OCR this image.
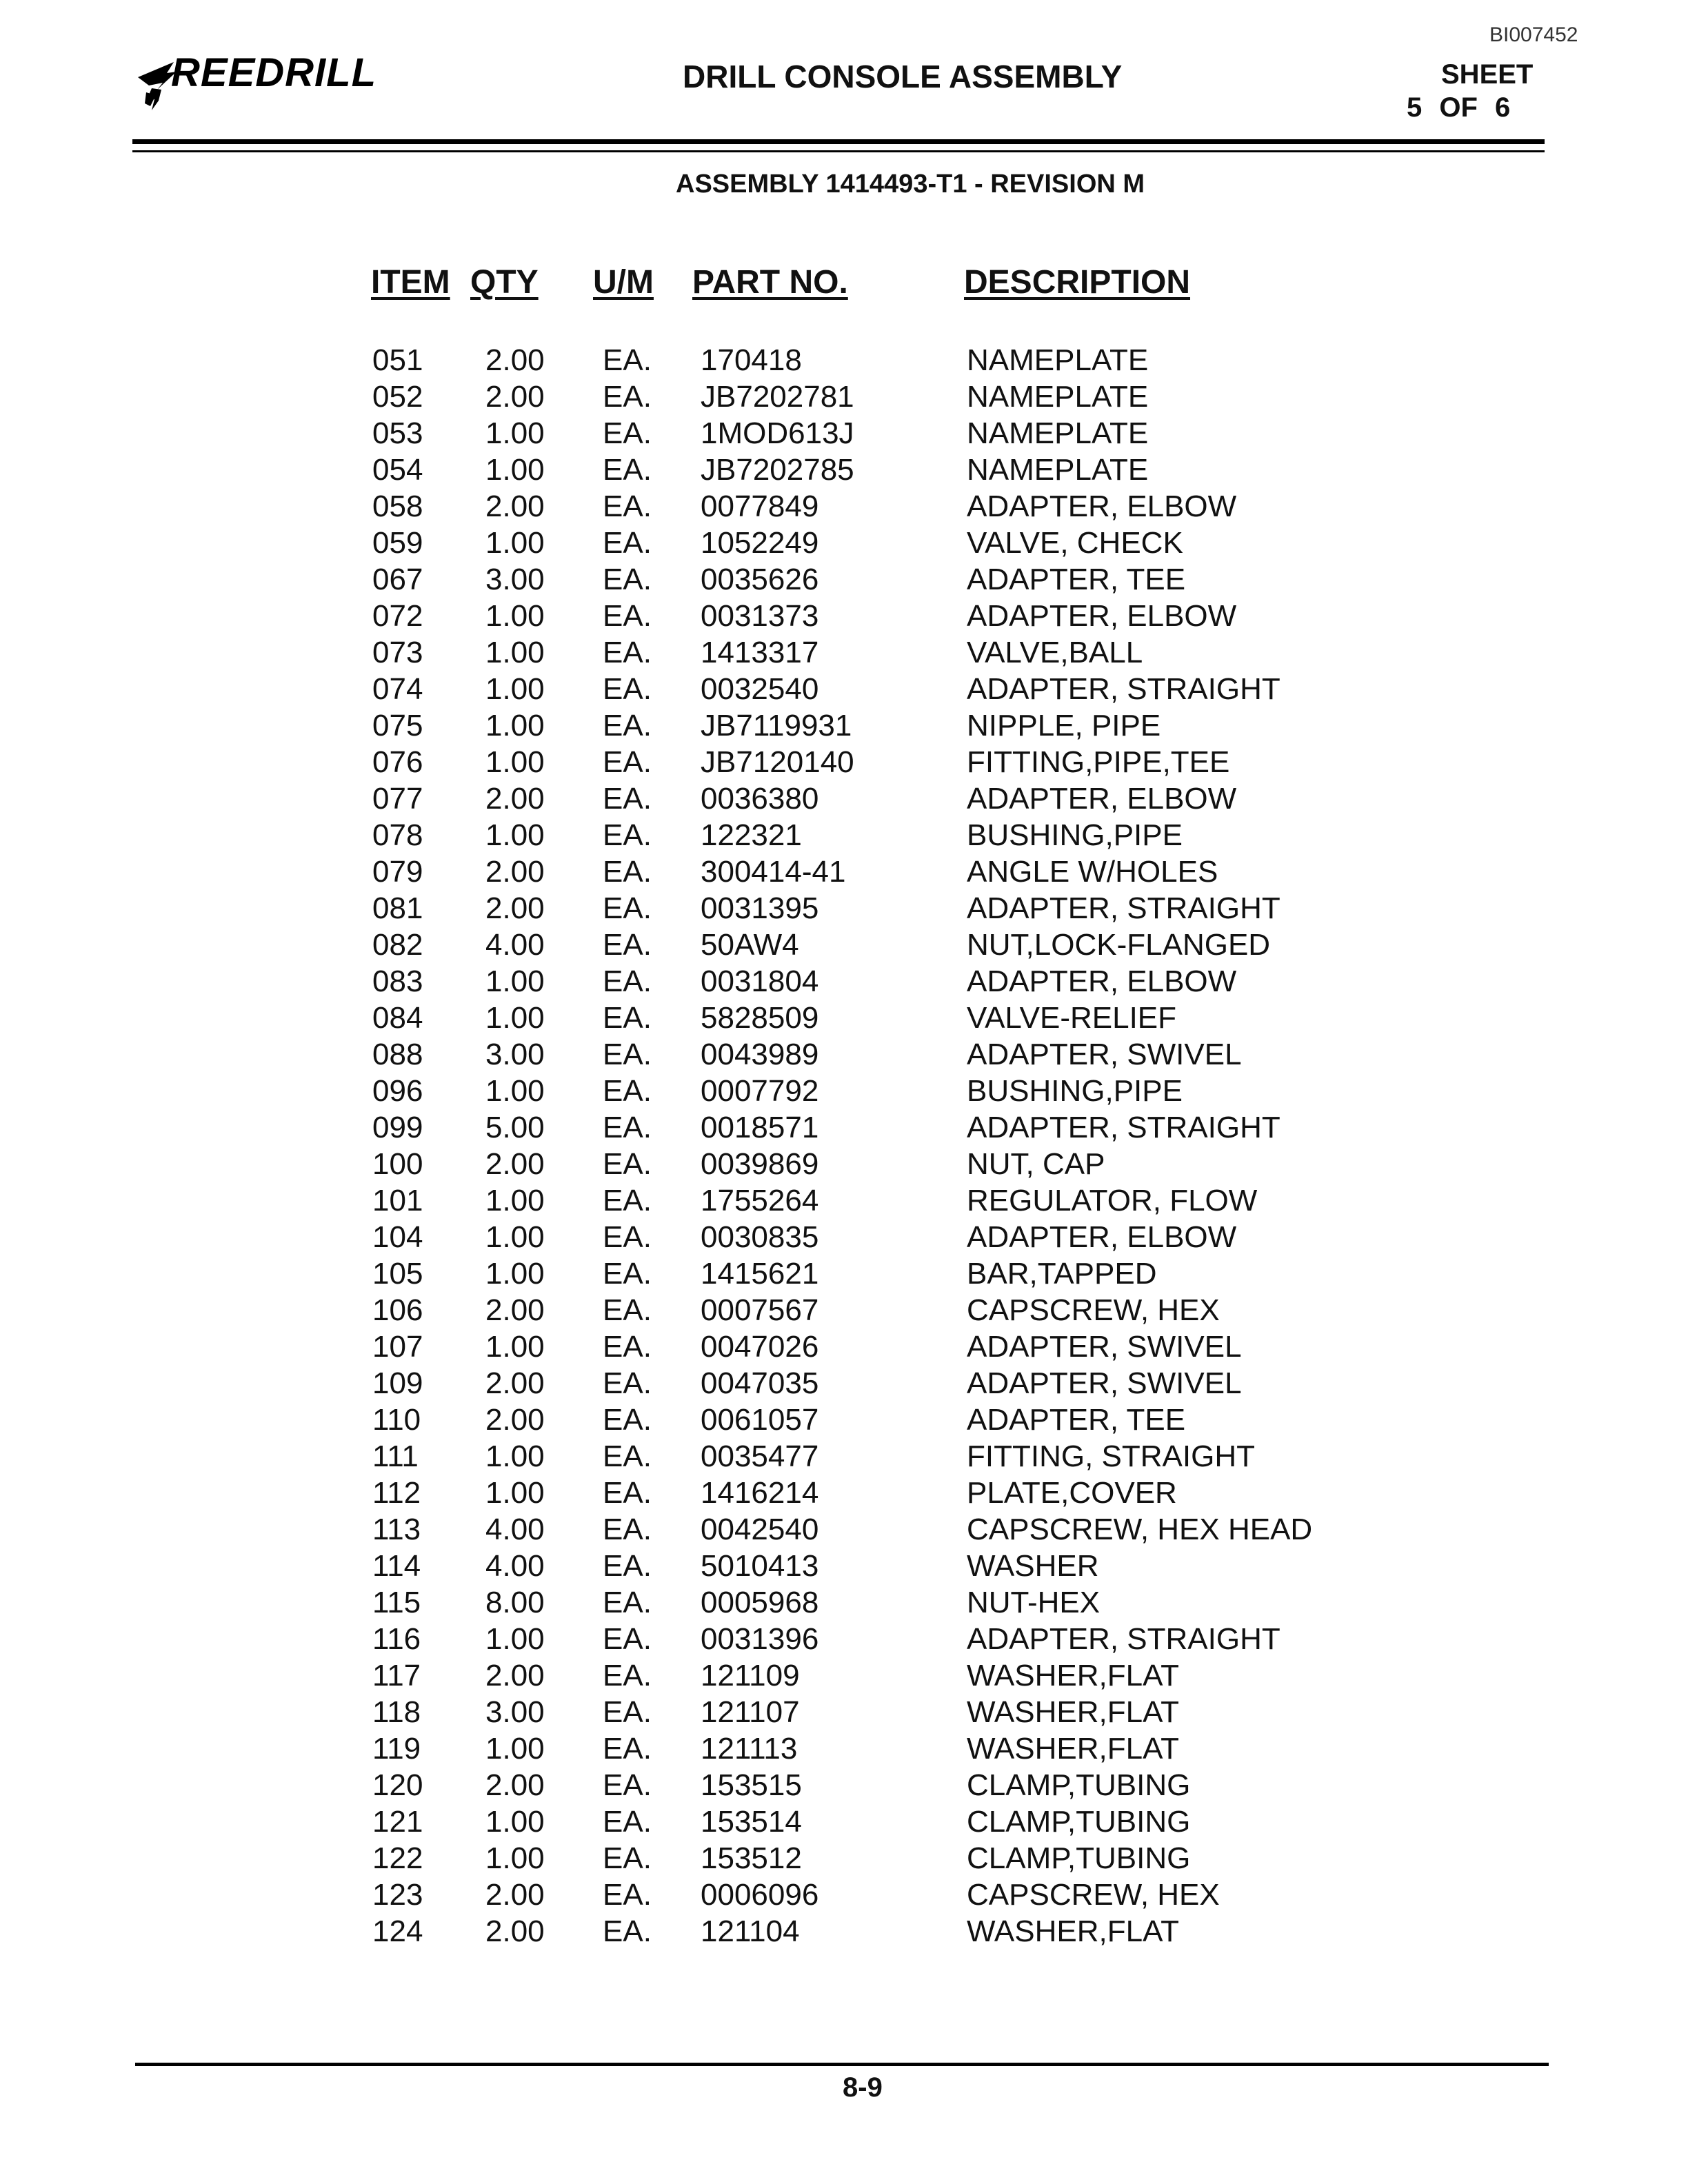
BI007452
REEDRILL	DRILL CONSOLE ASSEMBLY	SHEET
5 OF 6
ASSEMBLY 1414493-T1 - REVISION M
ITEM QTY U/M PART NO.	DESCRIPTION
051 2.00 EA. 170418	NAMEPLATE
052 2.00 EA. JB7202781	NAMEPLATE
053 1.00 EA. 1MOD613J	NAMEPLATE
054 1.00 EA. JB7202785	NAMEPLATE
058 2.00 EA. 0077849	ADAPTER, ELBOW
059 1.00 EA. 1052249	VALVE, CHECK
067 3.00 EA. 0035626	ADAPTER, TEE
072 1.00 EA. 0031373	ADAPTER, ELBOW
073 1.00 EA. 1413317	VALVE,BALL
074 1.00 EA. 0032540	ADAPTER, STRAIGHT
075 1.00 EA. JB7119931	NIPPLE, PIPE
076 1.00 EA. JB7120140	FITTING,PIPE,TEE
077 2.00 EA. 0036380	ADAPTER, ELBOW
078 1.00 EA. 122321	BUSHING,PIPE
079 2.00 EA. 300414-41	ANGLE W/HOLES
081 2.00 EA. 0031395	ADAPTER, STRAIGHT
082 4.00 EA. 50AW4	NUT,LOCK-FLANGED
083 1.00 EA. 0031804	ADAPTER, ELBOW
084 1.00 EA. 5828509	VALVE-RELIEF
088 3.00 EA. 0043989	ADAPTER, SWIVEL
096 1.00 EA. 0007792	BUSHING,PIPE
099 5.00 EA. 0018571	ADAPTER, STRAIGHT
100 2.00 EA. 0039869	NUT, CAP
101 1.00 EA. 1755264	REGULATOR, FLOW
104 1.00 EA. 0030835	ADAPTER, ELBOW
105 1.00 EA. 1415621	BAR,TAPPED
106 2.00 EA. 0007567	CAPSCREW, HEX
107 1.00 EA. 0047026	ADAPTER, SWIVEL
109 2.00 EA. 0047035	ADAPTER, SWIVEL
110 2.00 EA. 0061057	ADAPTER, TEE
111 1.00 EA. 0035477	FITTING, STRAIGHT
112 1.00 EA. 1416214	PLATE,COVER
113 4.00 EA. 0042540	CAPSCREW, HEX HEAD
114 4.00 EA. 5010413	WASHER
115 8.00 EA. 0005968	NUT-HEX
116 1.00 EA. 0031396	ADAPTER, STRAIGHT
117 2.00 EA. 121109	WASHER,FLAT
118 3.00 EA. 121107	WASHER,FLAT
119 1.00 EA. 121113	WASHER,FLAT
120 2.00 EA. 153515	CLAMP,TUBING
121 1.00 EA. 153514	CLAMP,TUBING
122 1.00 EA. 153512	CLAMP,TUBING
123 2.00 EA. 0006096	CAPSCREW, HEX
124 2.00 EA. 121104	WASHER,FLAT
8-9
